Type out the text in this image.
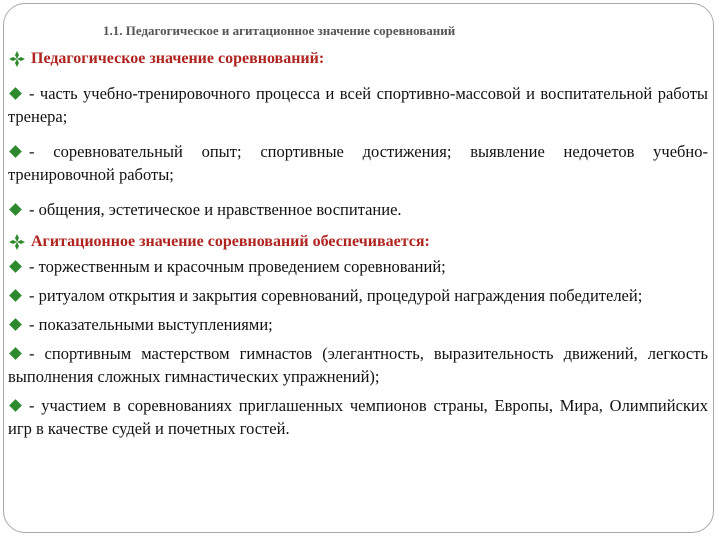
1.1. Педагогическое и агитационное значение соревнований
Педагогическое значение соревнований:
- часть учебно-тренировочного процесса и всей спортивно-массовой и воспитательной работы тренера;
- соревновательный опыт; спортивные достижения; выявление недочетов учебно-тренировочной работы;
- общения, эстетическое и нравственное воспитание.
Агитационное значение соревнований обеспечивается:
- торжественным и красочным проведением соревнований;
- ритуалом открытия и закрытия соревнований, процедурой награждения победителей;
- показательными выступлениями;
- спортивным мастерством гимнастов (элегантность, выразительность движений, легкость выполнения сложных гимнастических упражнений);
- участием в соревнованиях приглашенных чемпионов страны, Европы, Мира, Олимпийских игр в качестве судей и почетных гостей.
